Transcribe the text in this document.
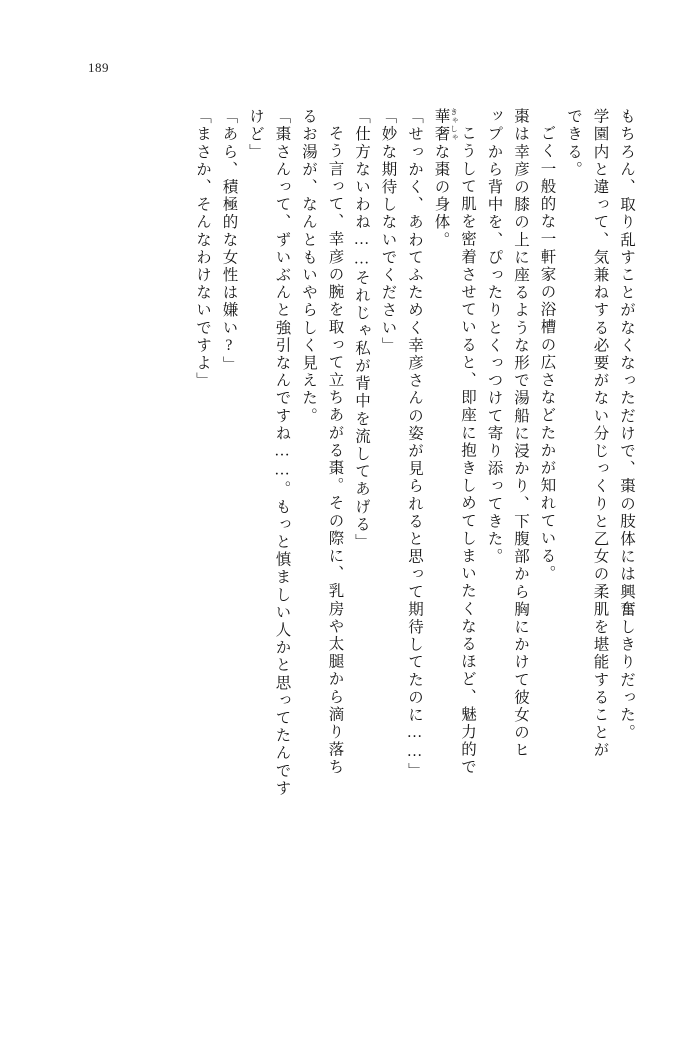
189
もちろん、取り乱すことがなくなっただけで、棗の肢体には興奮しきりだった。
学園内と違って、気兼ねする必要がない分じっくりと乙女の柔肌を堪能することが
できる。
ごく一般的な一軒家の浴槽の広さなどたかが知れている。
棗は幸彦の膝の上に座るような形で湯船に浸かり、下腹部から胸にかけて彼女のヒ
ップから背中を、ぴったりとくっつけて寄り添ってきた。
こうして肌を密着させていると、即座に抱きしめてしまいたくなるほど、魅力的で
きゃしゃ
華奢な棗の身体。
「せっかく、あわてふためく幸彦さんの姿が見られると思って期待してたのに……」
「妙な期待しないでください」
「仕方ないわね……それじゃ私が背中を流してあげる」
そう言って、幸彦の腕を取って立ちあがる棗。その際に、乳房や太腿から滴り落ち
るお湯が、なんともいやらしく見えた。
「棗さんって、ずいぶんと強引なんですね……。もっと慎ましい人かと思ってたんです
けど」
「あら、積極的な女性は嫌い?」
「まさか、そんなわけないですよ」
